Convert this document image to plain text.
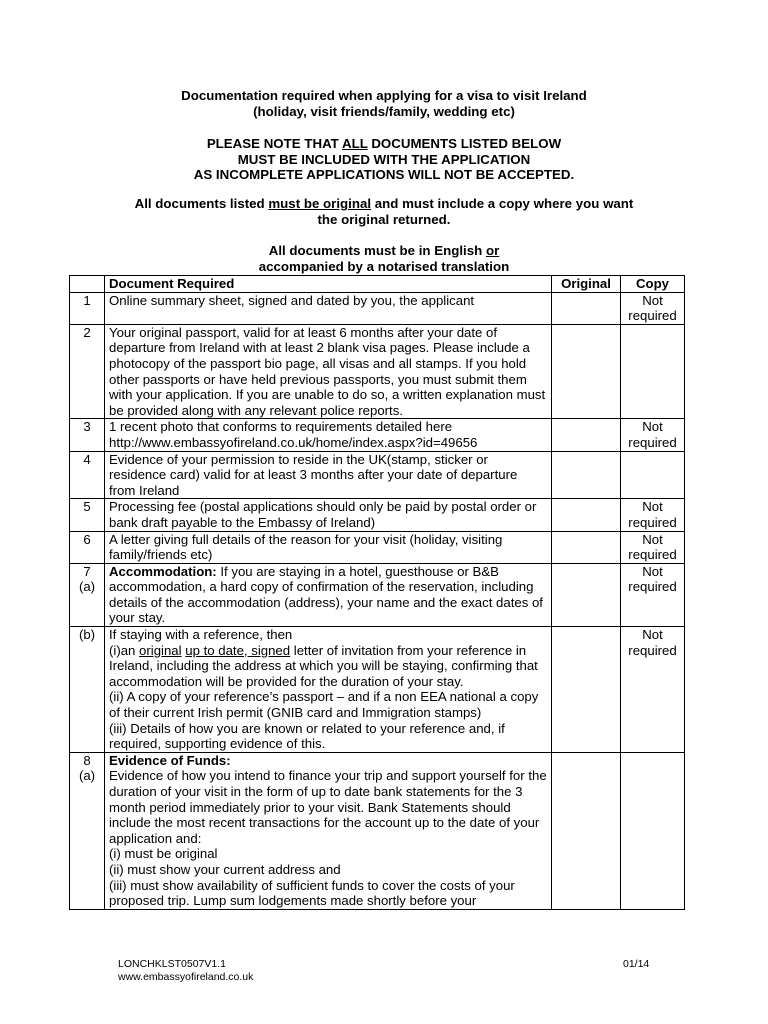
Documentation required when applying for a visa to visit Ireland
(holiday, visit friends/family, wedding etc)
PLEASE NOTE THAT ALL DOCUMENTS LISTED BELOW
MUST BE INCLUDED WITH THE APPLICATION
AS INCOMPLETE APPLICATIONS WILL NOT BE ACCEPTED.
All documents listed must be original and must include a copy where you want
the original returned.
All documents must be in English or
accompanied by a notarised translation
	Document Required	Original	Copy
1	Online summary sheet, signed and dated by you, the applicant		Not required
2	Your original passport, valid for at least 6 months after your date of departure from Ireland with at least 2 blank visa pages. Please include a photocopy of the passport bio page, all visas and all stamps. If you hold other passports or have held previous passports, you must submit them with your application. If you are unable to do so, a written explanation must be provided along with any relevant police reports.		
3	1 recent photo that conforms to requirements detailed here
http://www.embassyofireland.co.uk/home/index.aspx?id=49656		Not required
4	Evidence of your permission to reside in the UK(stamp, sticker or residence card) valid for at least 3 months after your date of departure from Ireland		
5	Processing fee (postal applications should only be paid by postal order or bank draft payable to the Embassy of Ireland)		Not required
6	A letter giving full details of the reason for your visit (holiday, visiting family/friends etc)		Not required

7
(a)	Accommodation: If you are staying in a hotel, guesthouse or B&B accommodation, a hard copy of confirmation of the reservation, including details of the accommodation (address), your name and the exact dates of your stay.		Not required
(b)	If staying with a reference, then
(i)an original up to date, signed letter of invitation from your reference in Ireland, including the address at which you will be staying, confirming that accommodation will be provided for the duration of your stay.
(ii) A copy of your reference’s passport – and if a non EEA national a copy of their current Irish permit (GNIB card and Immigration stamps)
(iii) Details of how you are known or related to your reference and, if required, supporting evidence of this.		Not required

8
(a)	Evidence of Funds:
Evidence of how you intend to finance your trip and support yourself for the duration of your visit in the form of up to date bank statements for the 3 month period immediately prior to your visit. Bank Statements should include the most recent transactions for the account up to the date of your application and:
(i) must be original
(ii) must show your current address and
(iii) must show availability of sufficient funds to cover the costs of your proposed trip. Lump sum lodgements made shortly before your		

LONCHKLST0507V1.1
www.embassyofireland.co.uk
01/14
